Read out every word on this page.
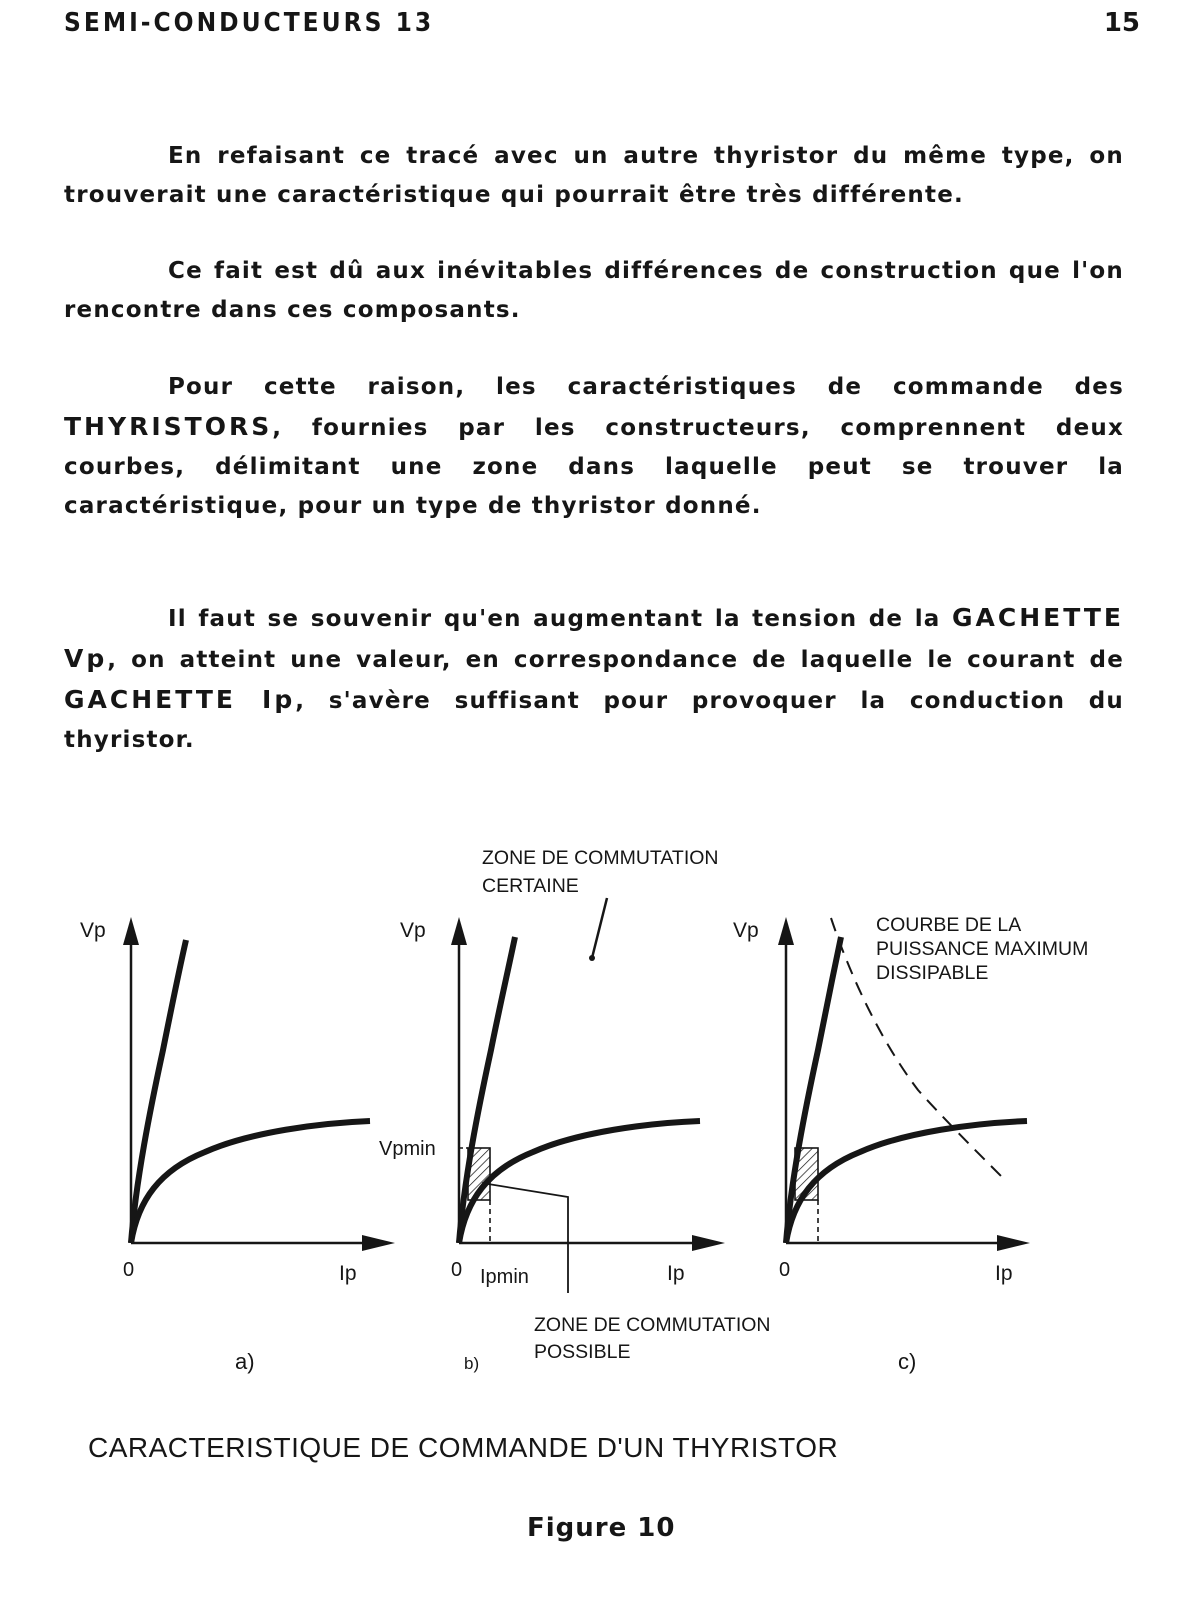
SEMI-CONDUCTEURS 13	15
En refaisant ce tracé avec un autre thyristor du même type, on trouverait une caractéristique qui pourrait être très différente.
Ce fait est dû aux inévitables différences de construction que l'on rencontre dans ces composants.
Pour cette raison, les caractéristiques de commande des THYRISTORS, fournies par les constructeurs, comprennent deux courbes, délimitant une zone dans laquelle peut se trouver la caractéristique, pour un type de thyristor donné.
Il faut se souvenir qu'en augmentant la tension de la GACHETTE Vp, on atteint une valeur, en correspondance de laquelle le courant de GACHETTE Ip, s'avère suffisant pour provoquer la conduction du thyristor.
Vp
0	Ip
a)
Vp
Vpmin
0 Ipmin	Ip
ZONE DE COMMUTATION
CERTAINE
ZONE DE COMMUTATION
POSSIBLE
b)
Vp
0	Ip
COURBE DE LA
PUISSANCE MAXIMUM
DISSIPABLE
c)
CARACTERISTIQUE DE COMMANDE D'UN THYRISTOR
Figure 10
